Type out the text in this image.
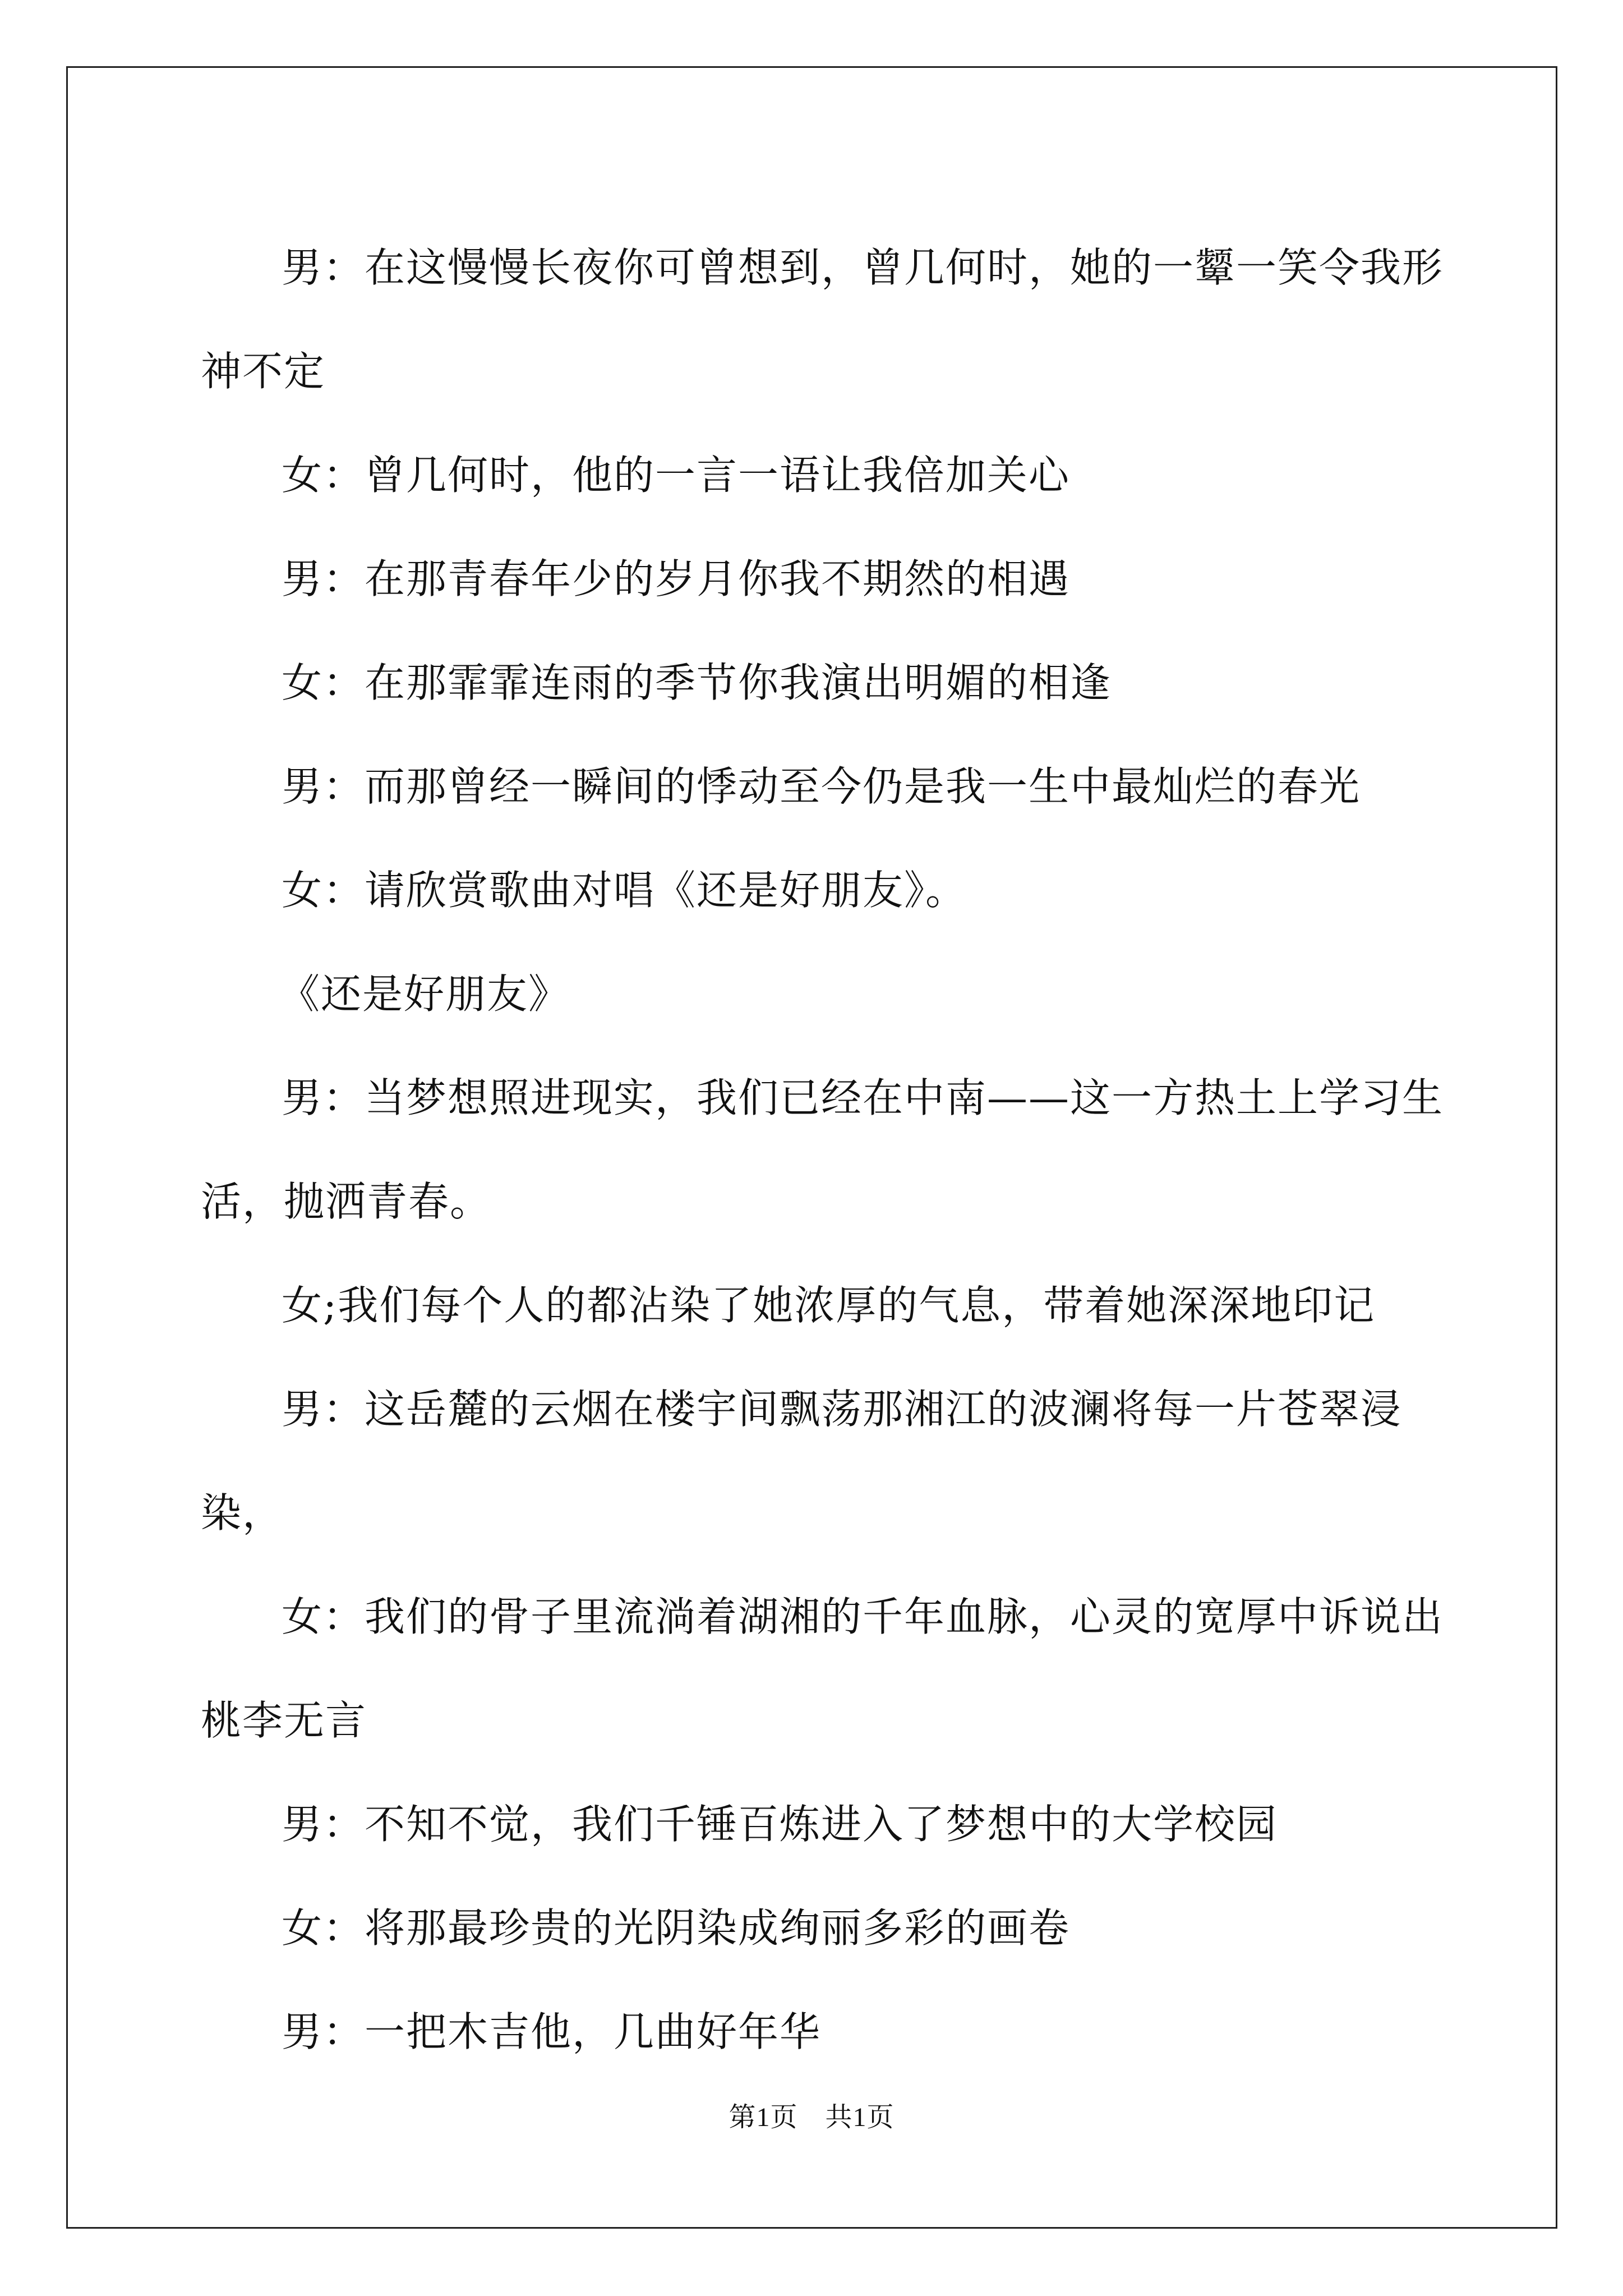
男：在这慢慢长夜你可曾想到，曾几何时，她的一颦一笑令我形神不定

女：曾几何时，他的一言一语让我倍加关心

男：在那青春年少的岁月你我不期然的相遇

女：在那霏霏连雨的季节你我演出明媚的相逢

男：而那曾经一瞬间的悸动至今仍是我一生中最灿烂的春光

女：请欣赏歌曲对唱《还是好朋友》。

《还是好朋友》

男：当梦想照进现实，我们已经在中南——这一方热土上学习生活，抛洒青春。

女;我们每个人的都沾染了她浓厚的气息，带着她深深地印记

男：这岳麓的云烟在楼宇间飘荡那湘江的波澜将每一片苍翠浸染，

女：我们的骨子里流淌着湖湘的千年血脉，心灵的宽厚中诉说出桃李无言

男：不知不觉，我们千锤百炼进入了梦想中的大学校园

女：将那最珍贵的光阴染成绚丽多彩的画卷

男：一把木吉他，几曲好年华

第1页　共1页
